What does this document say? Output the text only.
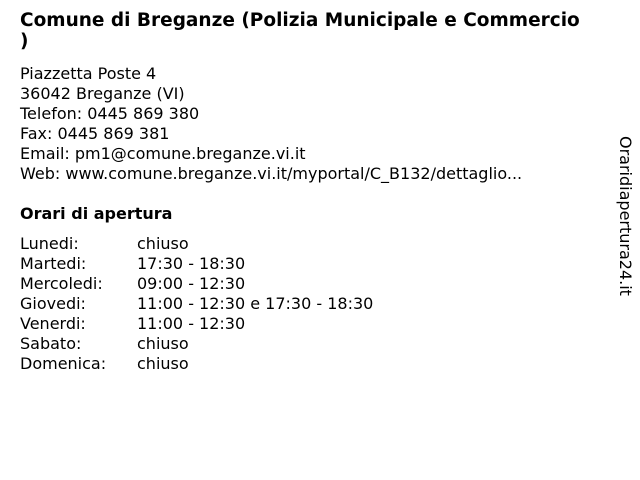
Comune di Breganze (Polizia Municipale e Commercio
)
Piazzetta Poste 4
36042 Breganze (VI)
Telefon: 0445 869 380
Fax: 0445 869 381
Email: pm1@comune.breganze.vi.it
Web: www.comune.breganze.vi.it/myportal/C_B132/dettaglio...
Orari di apertura
Lunedi:	chiuso
Martedi:	17:30 - 18:30
Mercoledi: 09:00 - 12:30
Giovedi:	11:00 - 12:30 e 17:30 - 18:30
Venerdi:	11:00 - 12:30
Sabato:	chiuso
Domenica: chiuso
Oraridiapertura24.it
